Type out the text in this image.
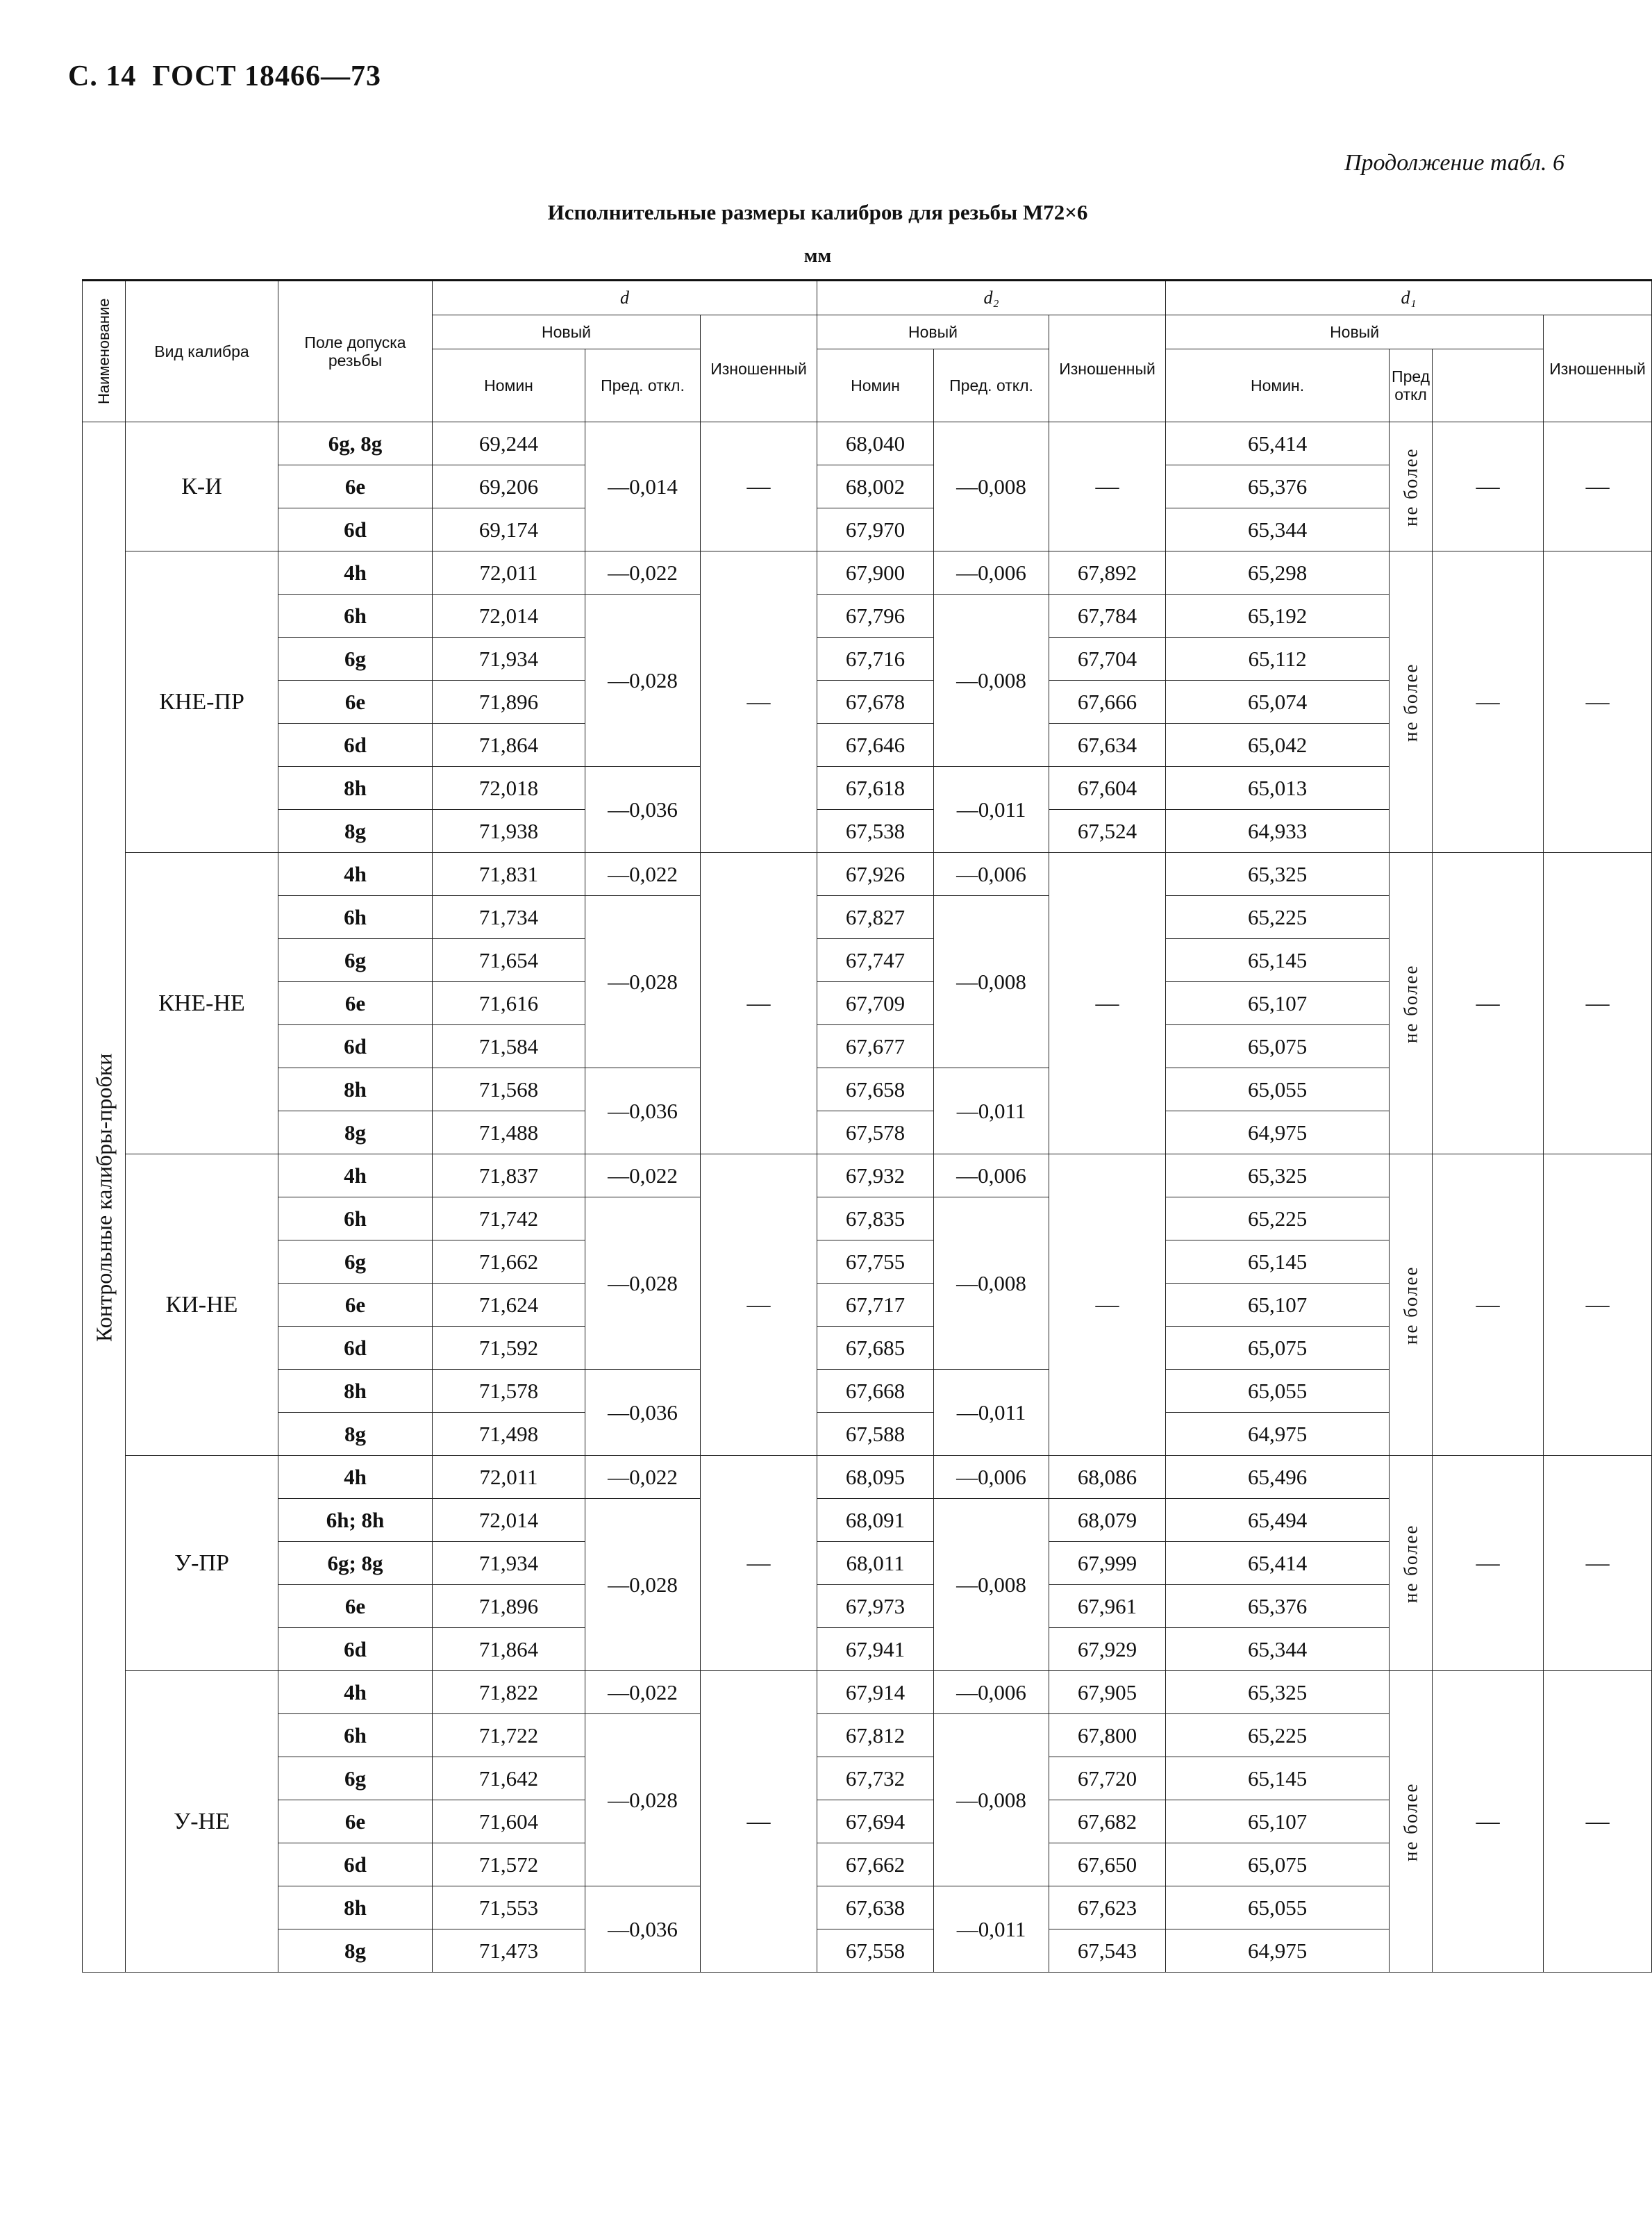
С. 14 ГОСТ 18466—73
Продолжение табл. 6
Исполнительные размеры калибров для резьбы М72×6
мм
Наименование	Вид калибра	Поле допуска резьбы	d			d₂			d₁			
			Новый		Изношенный	Новый		Изношенный	Новый			Изношенный
			Номин	Пред. откл.		Номин	Пред. откл.		Номин.	Пред откл		
Контрольные калибры-пробки	К-И	6g, 8g	69,244	—0,014	—	68,040	—0,008	—	65,414	не более	—	—
		6e	69,206			68,002			65,376			
		6d	69,174			67,970			65,344			
	КНЕ-ПР	4h	72,011	—0,022	—	67,900	—0,006	67,892	65,298	не более	—	—
		6h	72,014	—0,028		67,796	—0,008	67,784	65,192			
		6g	71,934			67,716		67,704	65,112			
		6e	71,896			67,678		67,666	65,074			
		6d	71,864			67,646		67,634	65,042			
		8h	72,018	—0,036		67,618	—0,011	67,604	65,013			
		8g	71,938			67,538		67,524	64,933			
	КНЕ-НЕ	4h	71,831	—0,022	—	67,926	—0,006	—	65,325	не более	—	—
		6h	71,734	—0,028		67,827	—0,008		65,225			
		6g	71,654			67,747			65,145			
		6e	71,616			67,709			65,107			
		6d	71,584			67,677			65,075			
		8h	71,568	—0,036		67,658	—0,011		65,055			
		8g	71,488			67,578			64,975			
	КИ-НЕ	4h	71,837	—0,022	—	67,932	—0,006	—	65,325	не более	—	—
		6h	71,742	—0,028		67,835	—0,008		65,225			
		6g	71,662			67,755			65,145			
		6e	71,624			67,717			65,107			
		6d	71,592			67,685			65,075			
		8h	71,578	—0,036		67,668	—0,011		65,055			
		8g	71,498			67,588			64,975			
	У-ПР	4h	72,011	—0,022	—	68,095	—0,006	68,086	65,496	не более	—	—
		6h; 8h	72,014	—0,028		68,091	—0,008	68,079	65,494			
		6g; 8g	71,934			68,011		67,999	65,414			
		6e	71,896			67,973		67,961	65,376			
		6d	71,864			67,941		67,929	65,344			
	У-НЕ	4h	71,822	—0,022	—	67,914	—0,006	67,905	65,325	не более	—	—
		6h	71,722	—0,028		67,812	—0,008	67,800	65,225			
		6g	71,642			67,732		67,720	65,145			
		6e	71,604			67,694		67,682	65,107			
		6d	71,572			67,662		67,650	65,075			
		8h	71,553	—0,036		67,638	—0,011	67,623	65,055			
		8g	71,473			67,558		67,543	64,975			
